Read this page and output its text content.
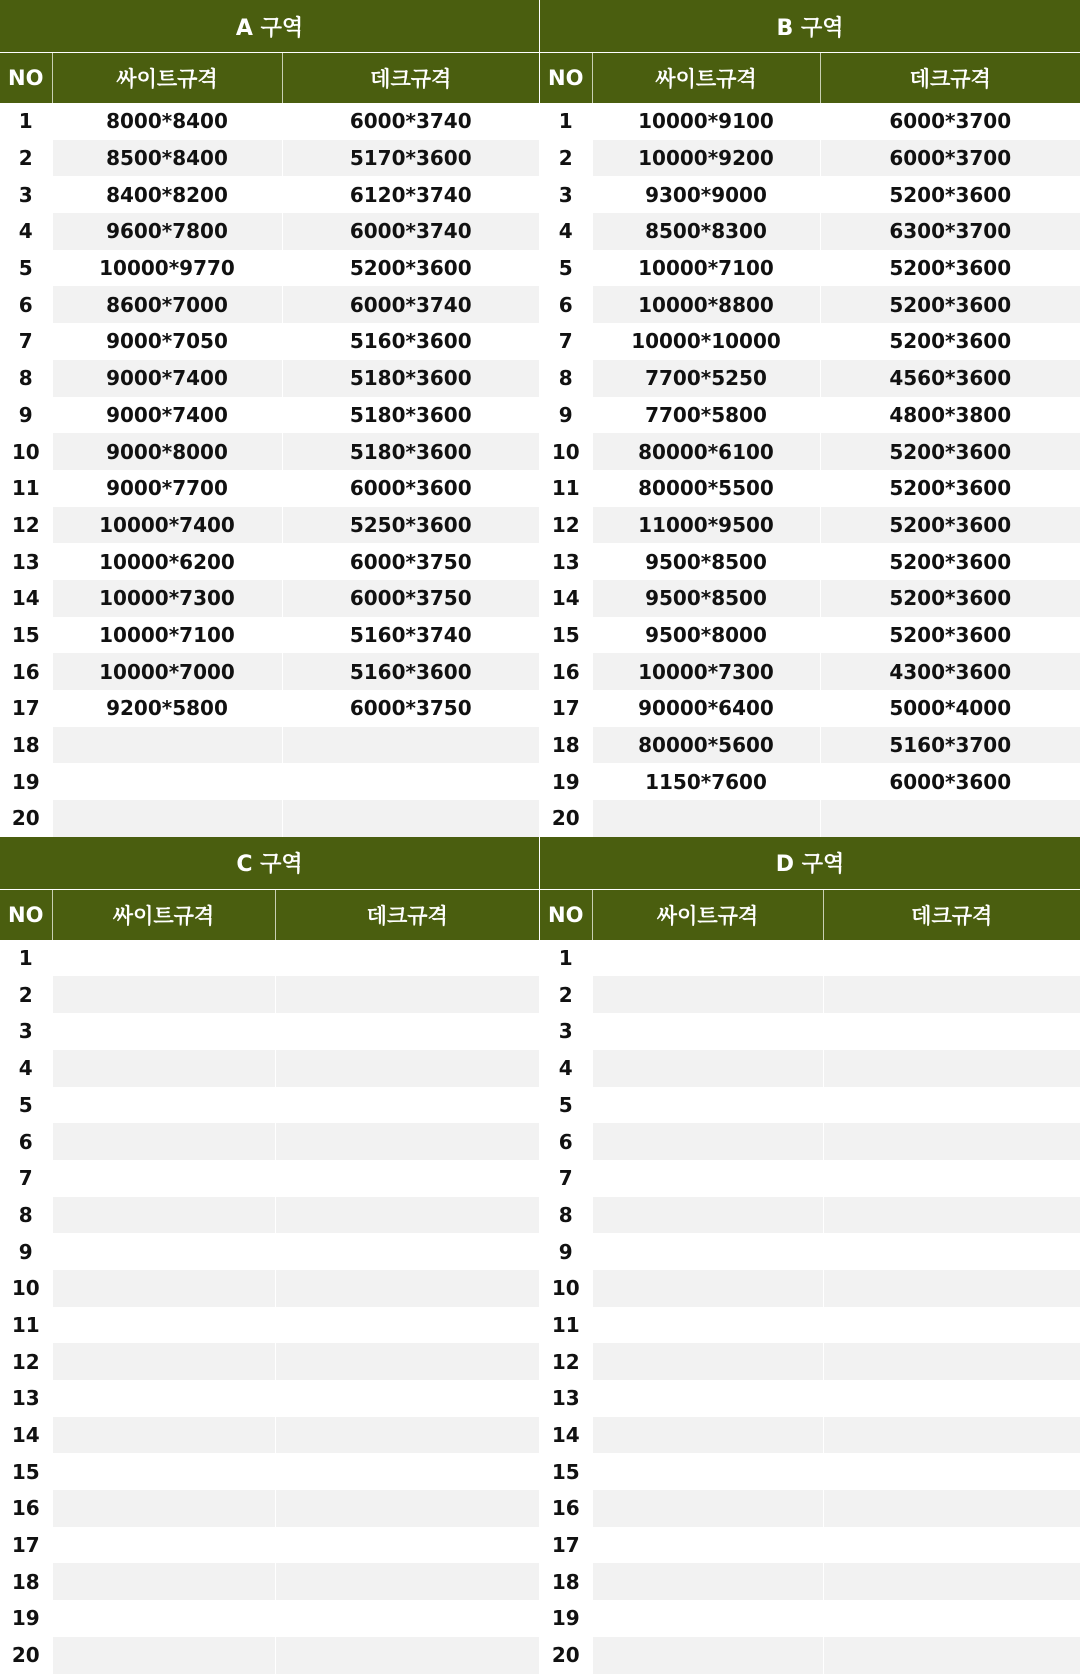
A 구역
NO	싸이트규격	데크규격
1	8000*8400	6000*3740
2	8500*8400	5170*3600
3	8400*8200	6120*3740
4	9600*7800	6000*3740
5	10000*9770	5200*3600
6	8600*7000	6000*3740
7	9000*7050	5160*3600
8	9000*7400	5180*3600
9	9000*7400	5180*3600
10	9000*8000	5180*3600
11	9000*7700	6000*3600
12	10000*7400	5250*3600
13	10000*6200	6000*3750
14	10000*7300	6000*3750
15	10000*7100	5160*3740
16	10000*7000	5160*3600
17	9200*5800	6000*3750
18		
19		
20		
B 구역
NO	싸이트규격	데크규격
1	10000*9100	6000*3700
2	10000*9200	6000*3700
3	9300*9000	5200*3600
4	8500*8300	6300*3700
5	10000*7100	5200*3600
6	10000*8800	5200*3600
7	10000*10000	5200*3600
8	7700*5250	4560*3600
9	7700*5800	4800*3800
10	80000*6100	5200*3600
11	80000*5500	5200*3600
12	11000*9500	5200*3600
13	9500*8500	5200*3600
14	9500*8500	5200*3600
15	9500*8000	5200*3600
16	10000*7300	4300*3600
17	90000*6400	5000*4000
18	80000*5600	5160*3700
19	1150*7600	6000*3600
20		
C 구역
NO	싸이트규격	데크규격
1		
2		
3		
4		
5		
6		
7		
8		
9		
10		
11		
12		
13		
14		
15		
16		
17		
18		
19		
20		
D 구역
NO	싸이트규격	데크규격
1		
2		
3		
4		
5		
6		
7		
8		
9		
10		
11		
12		
13		
14		
15		
16		
17		
18		
19		
20		
